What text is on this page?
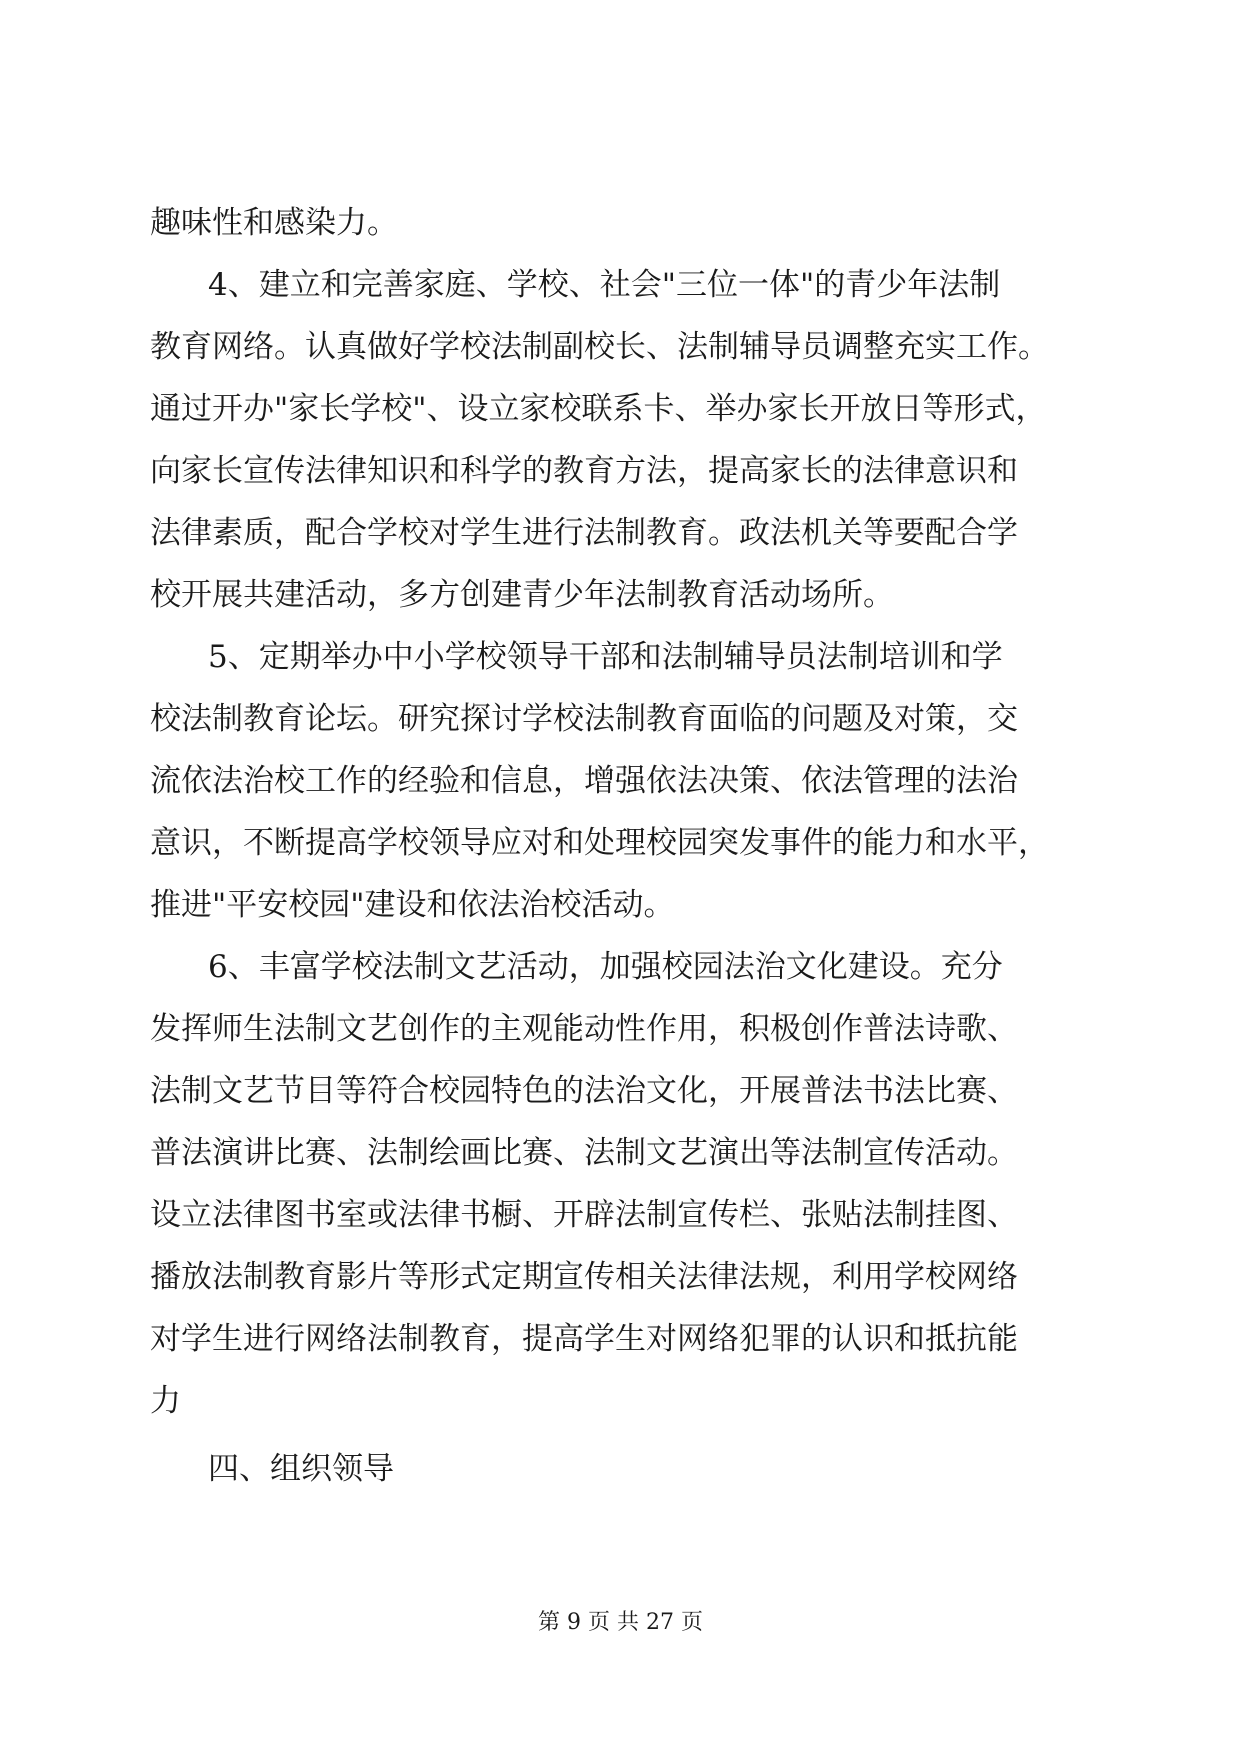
趣味性和感染力。
4、建立和完善家庭、学校、社会"三位一体"的青少年法制
教育网络。认真做好学校法制副校长、法制辅导员调整充实工作。
通过开办"家长学校"、设立家校联系卡、举办家长开放日等形式，
向家长宣传法律知识和科学的教育方法，提高家长的法律意识和
法律素质，配合学校对学生进行法制教育。政法机关等要配合学
校开展共建活动，多方创建青少年法制教育活动场所。
5、定期举办中小学校领导干部和法制辅导员法制培训和学
校法制教育论坛。研究探讨学校法制教育面临的问题及对策，交
流依法治校工作的经验和信息，增强依法决策、依法管理的法治
意识，不断提高学校领导应对和处理校园突发事件的能力和水平，
推进"平安校园"建设和依法治校活动。
6、丰富学校法制文艺活动，加强校园法治文化建设。充分
发挥师生法制文艺创作的主观能动性作用，积极创作普法诗歌、
法制文艺节目等符合校园特色的法治文化，开展普法书法比赛、
普法演讲比赛、法制绘画比赛、法制文艺演出等法制宣传活动。
设立法律图书室或法律书橱、开辟法制宣传栏、张贴法制挂图、
播放法制教育影片等形式定期宣传相关法律法规，利用学校网络
对学生进行网络法制教育，提高学生对网络犯罪的认识和抵抗能
力
四、组织领导
第 9 页 共 27 页
